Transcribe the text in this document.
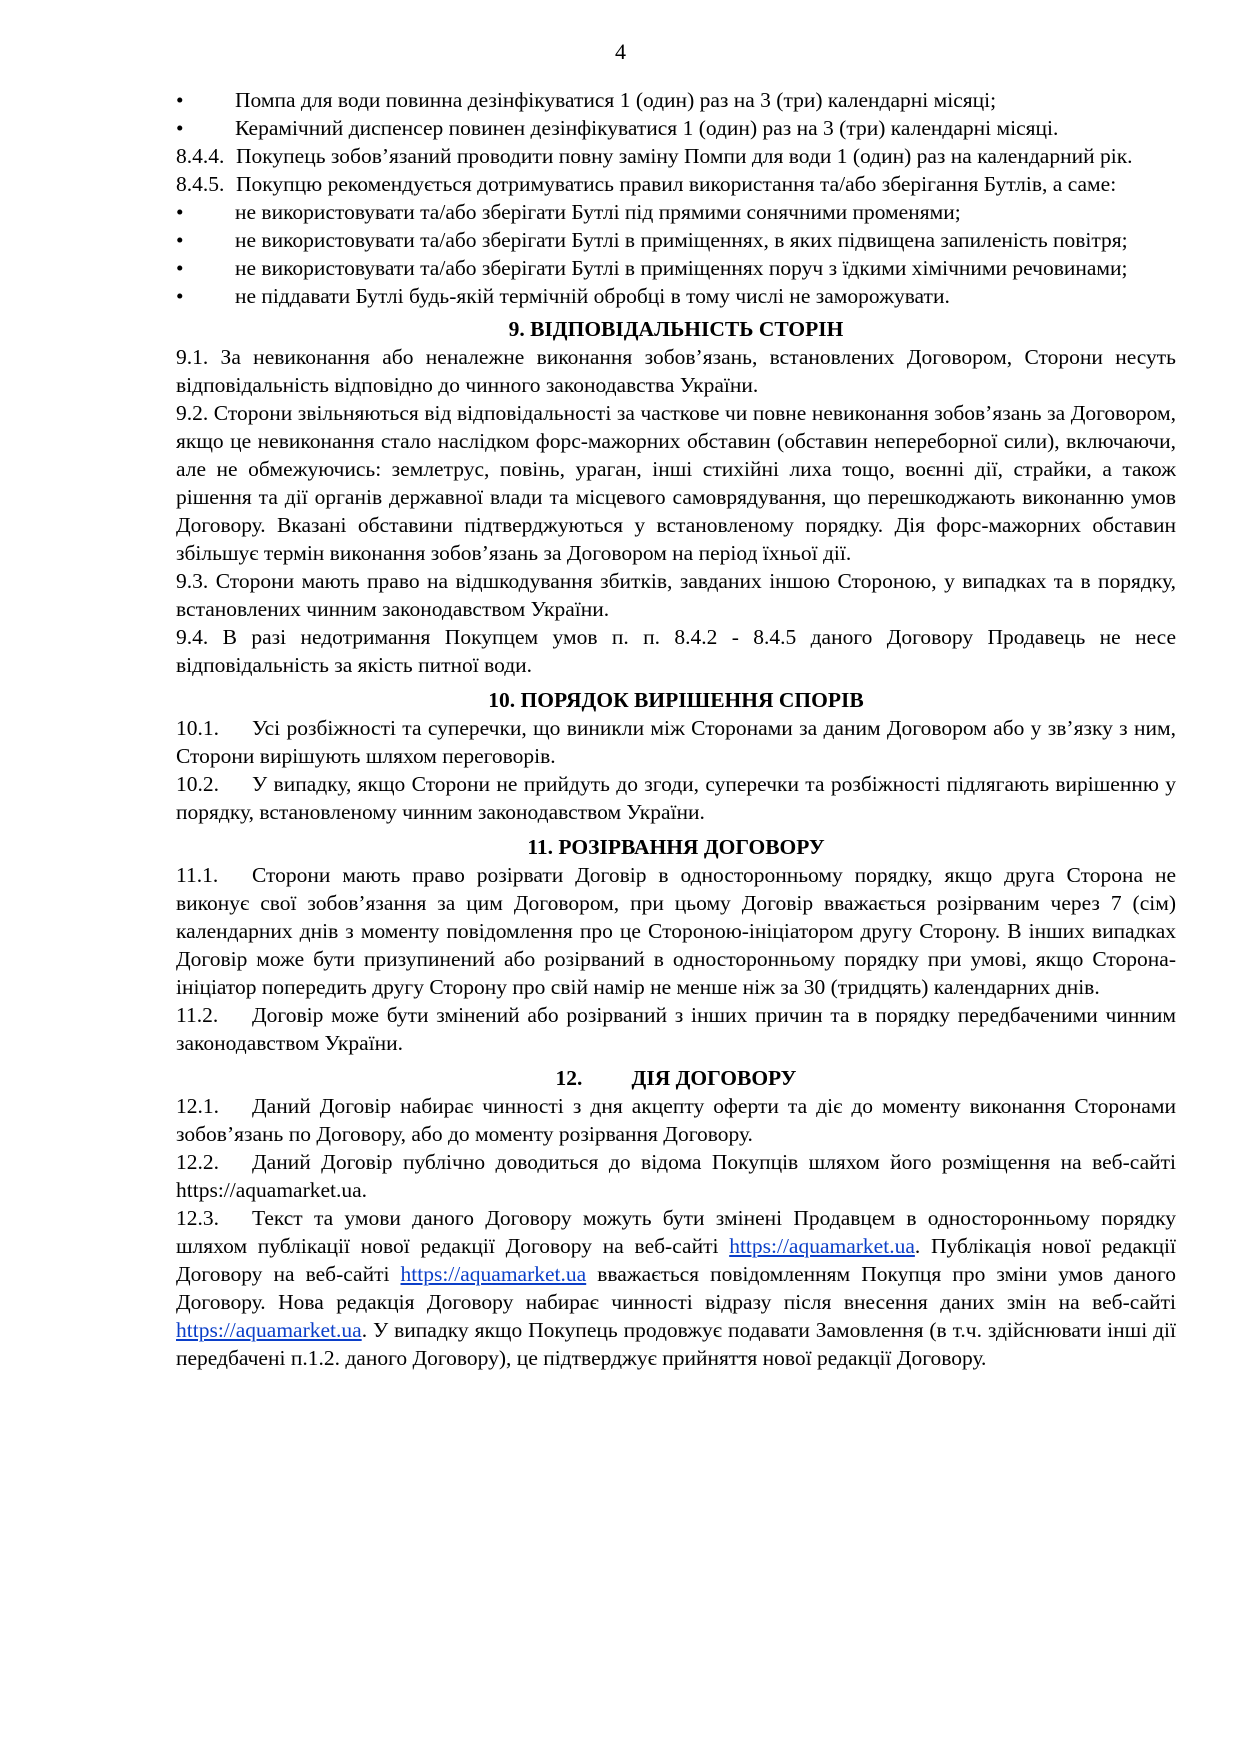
4

• Помпа для води повинна дезінфікуватися 1 (один) раз на 3 (три) календарні місяці;

• Керамічний диспенсер повинен дезінфікуватися 1 (один) раз на 3 (три) календарні місяці.

8.4.4. Покупець зобов’язаний проводити повну заміну Помпи для води 1 (один) раз на календарний рік.

8.4.5. Покупцю рекомендується дотримуватись правил використання та/або зберігання Бутлів, а саме:

• не використовувати та/або зберігати Бутлі під прямими сонячними променями;

• не використовувати та/або зберігати Бутлі в приміщеннях, в яких підвищена запиленість повітря;

• не використовувати та/або зберігати Бутлі в приміщеннях поруч з їдкими хімічними речовинами;

• не піддавати Бутлі будь-якій термічній обробці в тому числі не заморожувати.

9. ВІДПОВІДАЛЬНІСТЬ СТОРІН

9.1. За невиконання або неналежне виконання зобов’язань, встановлених Договором, Сторони несуть відповідальність відповідно до чинного законодавства України.

9.2. Сторони звільняються від відповідальності за часткове чи повне невиконання зобов’язань за Договором, якщо це невиконання стало наслідком форс-мажорних обставин (обставин непереборної сили), включаючи, але не обмежуючись: землетрус, повінь, ураган, інші стихійні лиха тощо, воєнні дії, страйки, а також рішення та дії органів державної влади та місцевого самоврядування, що перешкоджають виконанню умов Договору. Вказані обставини підтверджуються у встановленому порядку. Дія форс-мажорних обставин збільшує термін виконання зобов’язань за Договором на період їхньої дії.

9.3. Сторони мають право на відшкодування збитків, завданих іншою Стороною, у випадках та в порядку, встановлених чинним законодавством України.

9.4. В разі недотримання Покупцем умов п. п. 8.4.2 - 8.4.5 даного Договору Продавець не несе відповідальність за якість питної води.

10. ПОРЯДОК ВИРІШЕННЯ СПОРІВ

10.1. Усі розбіжності та суперечки, що виникли між Сторонами за даним Договором або у зв’язку з ним, Сторони вирішують шляхом переговорів.

10.2. У випадку, якщо Сторони не прийдуть до згоди, суперечки та розбіжності підлягають вирішенню у порядку, встановленому чинним законодавством України.

11. РОЗІРВАННЯ ДОГОВОРУ

11.1. Сторони мають право розірвати Договір в односторонньому порядку, якщо друга Сторона не виконує свої зобов’язання за цим Договором, при цьому Договір вважається розірваним через 7 (сім) календарних днів з моменту повідомлення про це Стороною-ініціатором другу Сторону. В інших випадках Договір може бути призупинений або розірваний в односторонньому порядку при умові, якщо Сторона-ініціатор попередить другу Сторону про свій намір не менше ніж за 30 (тридцять) календарних днів.

11.2. Договір може бути змінений або розірваний з інших причин та в порядку передбаченими чинним законодавством України.

12. ДІЯ ДОГОВОРУ

12.1. Даний Договір набирає чинності з дня акцепту оферти та діє до моменту виконання Сторонами зобов’язань по Договору, або до моменту розірвання Договору.

12.2. Даний Договір публічно доводиться до відома Покупців шляхом його розміщення на веб-сайті https://aquamarket.ua.

12.3. Текст та умови даного Договору можуть бути змінені Продавцем в односторонньому порядку шляхом публікації нової редакції Договору на веб-сайті https://aquamarket.ua. Публікація нової редакції Договору на веб-сайті https://aquamarket.ua вважається повідомленням Покупця про зміни умов даного Договору. Нова редакція Договору набирає чинності відразу після внесення даних змін на веб-сайті https://aquamarket.ua. У випадку якщо Покупець продовжує подавати Замовлення (в т.ч. здійснювати інші дії передбачені п.1.2. даного Договору), це підтверджує прийняття нової редакції Договору.
